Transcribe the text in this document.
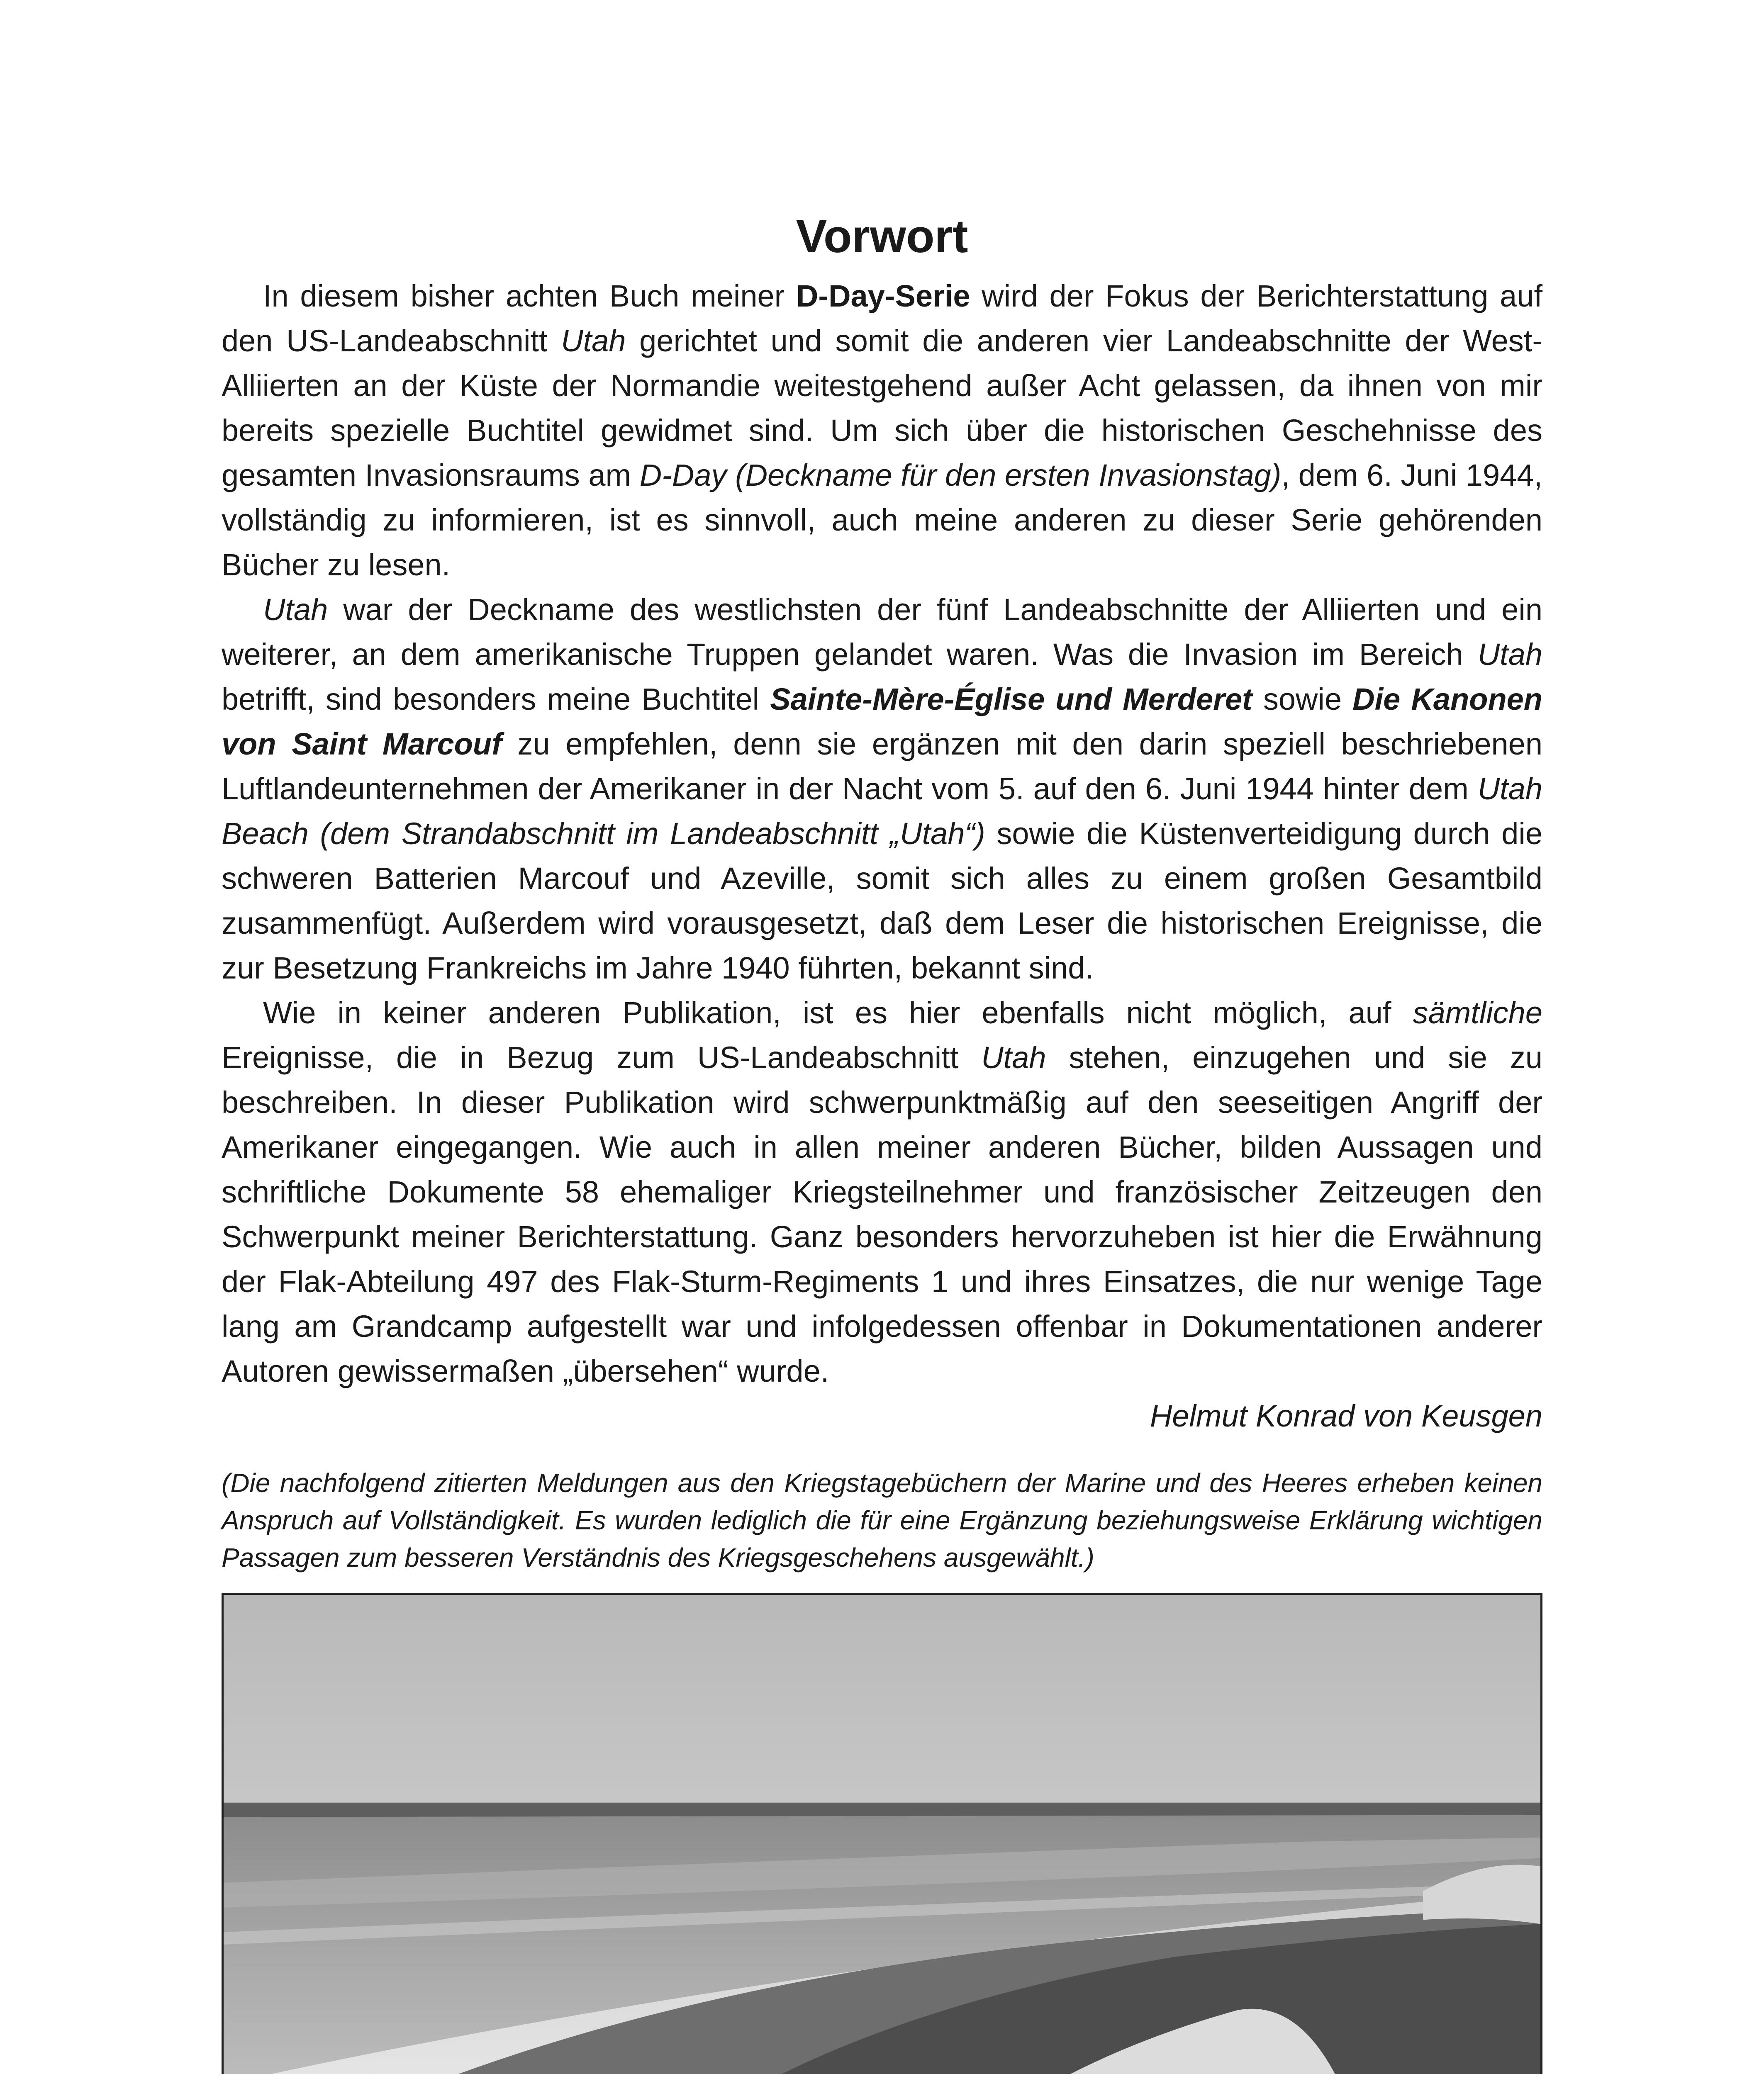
Vorwort

In diesem bisher achten Buch meiner D-Day-Serie wird der Fokus der Berichterstattung auf den US-Landeabschnitt Utah gerichtet und somit die anderen vier Landeabschnitte der West-Alliierten an der Küste der Normandie weitestgehend außer Acht gelassen, da ihnen von mir bereits spezielle Buchtitel gewidmet sind. Um sich über die historischen Geschehnisse des gesamten Invasionsraums am D-Day (Deckname für den ersten Invasionstag), dem 6. Juni 1944, vollständig zu informieren, ist es sinnvoll, auch meine anderen zu dieser Serie gehörenden Bücher zu lesen.

Utah war der Deckname des westlichsten der fünf Landeabschnitte der Alliierten und ein weiterer, an dem amerikanische Truppen gelandet waren. Was die Invasion im Bereich Utah betrifft, sind besonders meine Buchtitel Sainte-Mère-Église und Merderet sowie Die Kanonen von Saint Marcouf zu empfehlen, denn sie ergänzen mit den darin speziell beschriebenen Luftlandeunternehmen der Amerikaner in der Nacht vom 5. auf den 6. Juni 1944 hinter dem Utah Beach (dem Strandabschnitt im Landeabschnitt „Utah“) sowie die Küstenverteidigung durch die schweren Batterien Marcouf und Azeville, somit sich alles zu einem großen Gesamtbild zusammenfügt. Außerdem wird vorausgesetzt, daß dem Leser die historischen Ereignisse, die zur Besetzung Frankreichs im Jahre 1940 führten, bekannt sind.

Wie in keiner anderen Publikation, ist es hier ebenfalls nicht möglich, auf sämtliche Ereignisse, die in Bezug zum US-Landeabschnitt Utah stehen, einzugehen und sie zu beschreiben. In dieser Publikation wird schwerpunktmäßig auf den seeseitigen Angriff der Amerikaner eingegangen. Wie auch in allen meiner anderen Bücher, bilden Aussagen und schriftliche Dokumente 58 ehemaliger Kriegsteilnehmer und französischer Zeitzeugen den Schwerpunkt meiner Berichterstattung. Ganz besonders hervorzuheben ist hier die Erwähnung der Flak-Abteilung 497 des Flak-Sturm-Regiments 1 und ihres Einsatzes, die nur wenige Tage lang am Grandcamp aufgestellt war und infolgedessen offenbar in Dokumentationen anderer Autoren gewissermaßen „übersehen“ wurde.

Helmut Konrad von Keusgen

(Die nachfolgend zitierten Meldungen aus den Kriegstagebüchern der Marine und des Heeres erheben keinen Anspruch auf Vollständigkeit. Es wurden lediglich die für eine Ergänzung beziehungsweise Erklärung wichtigen Passagen zum besseren Verständnis des Kriegsgeschehens ausgewählt.)
